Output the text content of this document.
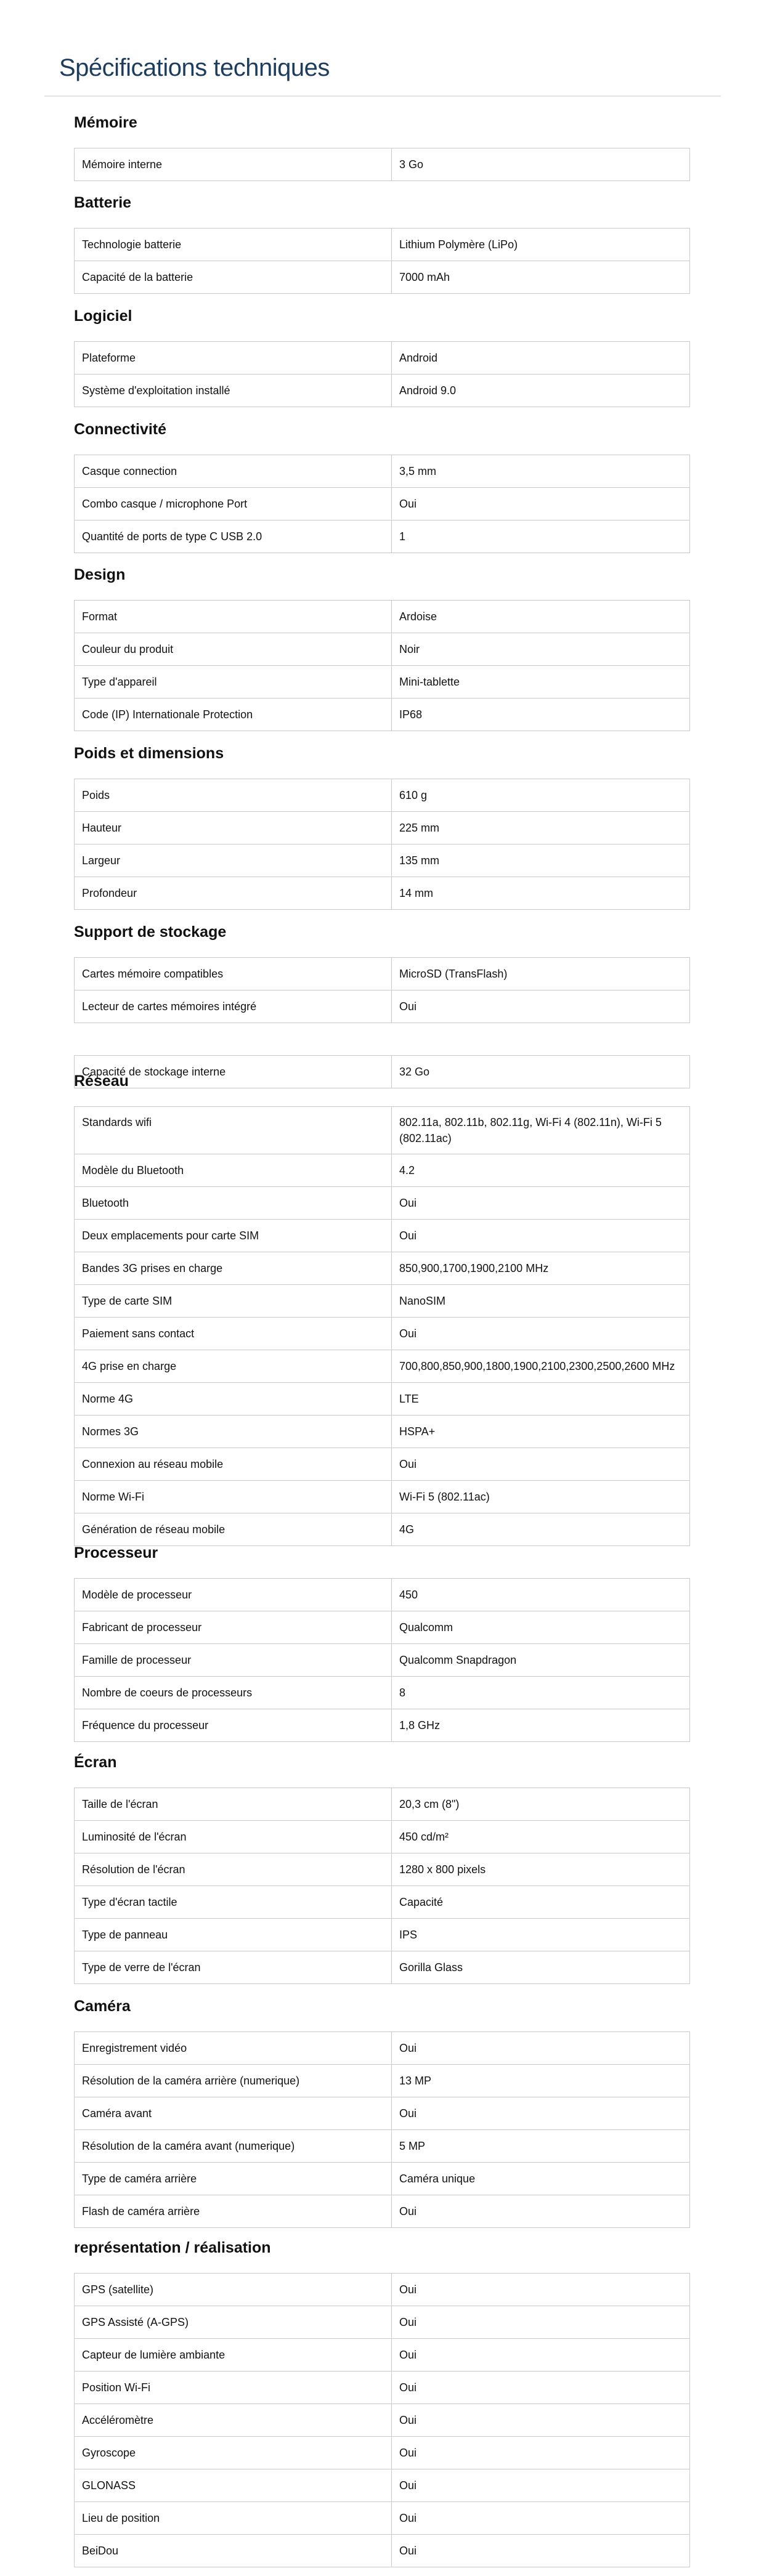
Spécifications techniques
Mémoire
Mémoire interne	3 Go
Batterie
Technologie batterie	Lithium Polymère (LiPo)
Capacité de la batterie	7000 mAh
Logiciel
Plateforme	Android
Système d'exploitation installé	Android 9.0
Connectivité
Casque connection	3,5 mm
Combo casque / microphone Port	Oui
Quantité de ports de type C USB 2.0	1
Design
Format	Ardoise
Couleur du produit	Noir
Type d'appareil	Mini-tablette
Code (IP) Internationale Protection	IP68
Poids et dimensions
Poids	610 g
Hauteur	225 mm
Largeur	135 mm
Profondeur	14 mm
Support de stockage
Cartes mémoire compatibles	MicroSD (TransFlash)
Lecteur de cartes mémoires intégré	Oui

Capacité de stockage interne	32 Go
Réseau
Standards wifi	802.11a, 802.11b, 802.11g, Wi-Fi 4 (802.11n), Wi-Fi 5 (802.11ac)
Modèle du Bluetooth	4.2
Bluetooth	Oui
Deux emplacements pour carte SIM	Oui
Bandes 3G prises en charge	850,900,1700,1900,2100 MHz
Type de carte SIM	NanoSIM
Paiement sans contact	Oui
4G prise en charge	700,800,850,900,1800,1900,2100,2300,2500,2600 MHz
Norme 4G	LTE
Normes 3G	HSPA+
Connexion au réseau mobile	Oui
Norme Wi-Fi	Wi-Fi 5 (802.11ac)
Génération de réseau mobile	4G
Processeur
Modèle de processeur	450
Fabricant de processeur	Qualcomm
Famille de processeur	Qualcomm Snapdragon
Nombre de coeurs de processeurs	8
Fréquence du processeur	1,8 GHz
Écran
Taille de l'écran	20,3 cm (8")
Luminosité de l'écran	450 cd/m²
Résolution de l'écran	1280 x 800 pixels
Type d'écran tactile	Capacité
Type de panneau	IPS
Type de verre de l'écran	Gorilla Glass
Caméra
Enregistrement vidéo	Oui
Résolution de la caméra arrière (numerique)	13 MP
Caméra avant	Oui
Résolution de la caméra avant (numerique)	5 MP
Type de caméra arrière	Caméra unique
Flash de caméra arrière	Oui
représentation / réalisation
GPS (satellite)	Oui
GPS Assisté (A-GPS)	Oui
Capteur de lumière ambiante	Oui
Position Wi-Fi	Oui
Accéléromètre	Oui
Gyroscope	Oui
GLONASS	Oui
Lieu de position	Oui
BeiDou	Oui
